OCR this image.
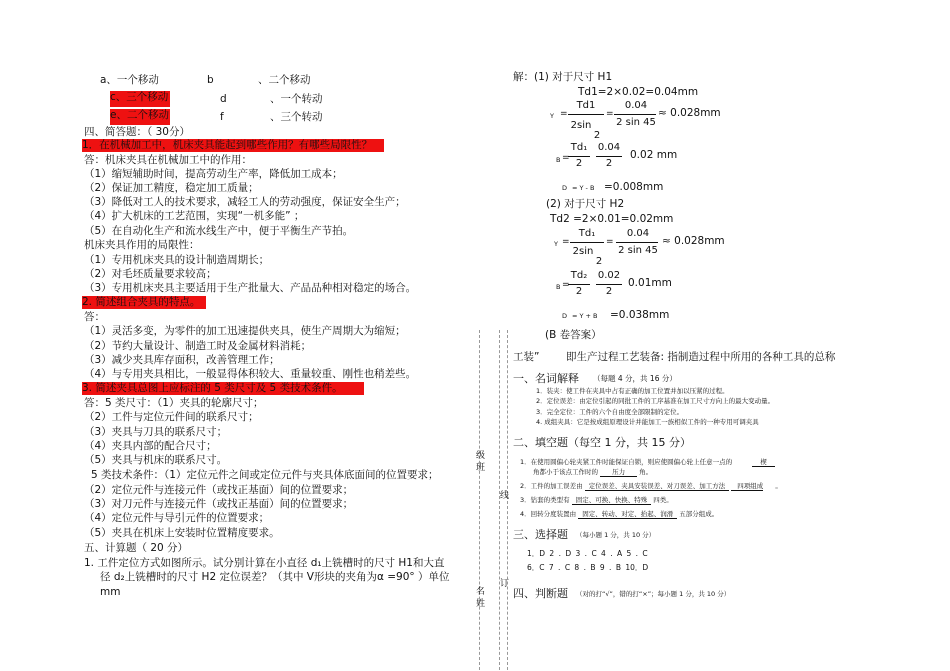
a、一个移动	b	、二个移动
c、三个移动	d	、一个转动
e、二个移动	f	、三个转动
四、简答题：（ 30分）
1．在机械加工中，机床夹具能起到哪些作用？有哪些局限性？
答：机床夹具在机械加工中的作用：
（1）缩短辅助时间，提高劳动生产率，降低加工成本；
（2）保证加工精度，稳定加工质量；
（3）降低对工人的技术要求，减轻工人的劳动强度，保证安全生产；
（4）扩大机床的工艺范围，实现“一机多能” ；
（5）在自动化生产和流水线生产中，便于平衡生产节拍。
机床夹具作用的局限性：
（1）专用机床夹具的设计制造周期长；
（2）对毛坯质量要求较高；
（3）专用机床夹具主要适用于生产批量大、产品品种相对稳定的场合。
2. 简述组合夹具的特点。
答：
（1）灵活多变，为零件的加工迅速提供夹具，使生产周期大为缩短；
（2）节约大量设计、制造工时及金属材料消耗；
（3）减少夹具库存面积，改善管理工作；
（4）与专用夹具相比，一般显得体积较大、重量较重、刚性也稍差些。
3. 简述夹具总图上应标注的 5 类尺寸及 5 类技术条件。
答：5 类尺寸：（1）夹具的轮廓尺寸；
（2）工件与定位元件间的联系尺寸；
（3）夹具与刀具的联系尺寸；
（4）夹具内部的配合尺寸；
（5）夹具与机床的联系尺寸。
5 类技术条件：（1）定位元件之间或定位元件与夹具体底面间的位置要求；
（2）定位元件与连接元件（或找正基面）间的位置要求；
（3）对刀元件与连接元件（或找正基面）间的位置要求；
（4）定位元件与导引元件的位置要求；
（5）夹具在机床上安装时位置精度要求。
五、计算题（ 20 分）
1. 工件定位方式如图所示。试分别计算在小直径 d₁上铣槽时的尺寸 H1和大直
径 d₂上铣槽时的尺寸 H2 定位误差？（其中 V形块的夹角为α =90° ）单位
mm
级班
线
订
名姓
解：(1) 对于尺寸 H1
Td1=2×0.02=0.04mm
Y =
Td1
2sin
2
=
0.04
2 sin 45
≈ 0.028mm
B =
Td₁
2
0.04
2
0.02 mm
D = Y - B =0.008mm
(2) 对于尺寸 H2
Td2 =2×0.01=0.02mm
Y =
Td₁
2sin
2
=
0.04
2 sin 45
≈ 0.028mm
B =
Td₂
2
0.02
2
0.01mm
D = Y + B =0.038mm
(B 卷答案）
工装”	即生产过程工艺装备: 指制造过程中所用的各种工具的总称
一、名词解释 （每题 4 分，共 16 分）
1．装夹：使工件在夹具中占有正确的加工位置并加以压紧的过程。
2．定位误差：由定位引起的同批工件的工序基准在加工尺寸方向上的最大变动量。
3．完全定位：工件的六个自由度全部限制的定位。
4. 成组夹具：它是按成组原理设计并能加工一族相似工件的一种专用可调夹具
二、填空题（每空 1 分，共 15 分）
1．在使用圆偏心轮夹紧工件时能保证自锁，则应使圆偏心轮上任意一点的	楔
角都小于该点工作时的 压力 角。
2．工件的加工误差由 定位误差、夹具安装误差、对刀误差、加工方法 四项组成 。
3．钻套的类型有 固定、可换、快换、特殊 四类。
4．回转分度装置由 固定、转动、对定、抬起、润滑 五部分组成。
三、选择题 （每小题 1 分，共 10 分）
1．D 2 . D 3 . C 4 . A 5 . C
6．C 7 . C 8 . B 9 . B 10．D
四、判断题 （对的打“√”，错的打“×”；每小题 1 分，共 10 分）
